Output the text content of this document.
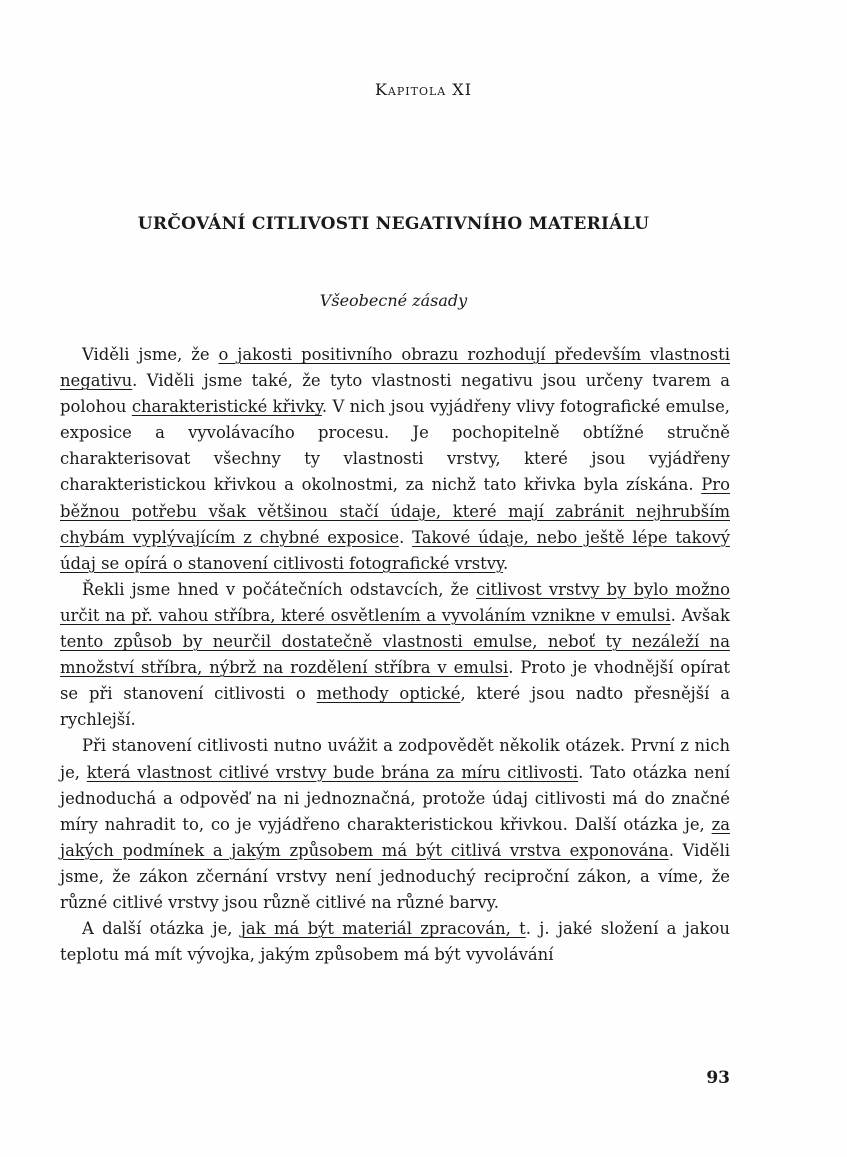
Kapitola XI
URČOVÁNÍ CITLIVOSTI NEGATIVNÍHO MATERIÁLU
Všeobecné zásady

Viděli jsme, že o jakosti positivního obrazu rozhodují především vlastnosti negativu. Viděli jsme také, že tyto vlastnosti negativu jsou určeny tvarem a polohou charakteristické křivky. V nich jsou vyjádřeny vlivy fotografické emulse, exposice a vyvolávacího procesu. Je pochopitelně obtížné stručně charakterisovat všechny ty vlastnosti vrstvy, které jsou vyjádřeny charakteristickou křivkou a okolnostmi, za nichž tato křivka byla získána. Pro běžnou potřebu však většinou stačí údaje, které mají zabránit nejhrubším chybám vyplývajícím z chybné exposice. Takové údaje, nebo ještě lépe takový údaj se opírá o stanovení citlivosti fotografické vrstvy.

Řekli jsme hned v počátečních odstavcích, že citlivost vrstvy by bylo možno určit na př. vahou stříbra, které osvětlením a vyvoláním vznikne v emulsi. Avšak tento způsob by neurčil dostatečně vlastnosti emulse, neboť ty nezáleží na množství stříbra, nýbrž na rozdělení stříbra v emulsi. Proto je vhodnější opírat se při stanovení citlivosti o methody optické, které jsou nadto přesnější a rychlejší.

Při stanovení citlivosti nutno uvážit a zodpovědět několik otázek. První z nich je, která vlastnost citlivé vrstvy bude brána za míru citlivosti. Tato otázka není jednoduchá a odpověď na ni jednoznačná, protože údaj citlivosti má do značné míry nahradit to, co je vyjádřeno charakteristickou křivkou. Další otázka je, za jakých podmínek a jakým způsobem má být citlivá vrstva exponována. Viděli jsme, že zákon zčernání vrstvy není jednoduchý reciproční zákon, a víme, že různé citlivé vrstvy jsou různě citlivé na různé barvy.

A další otázka je, jak má být materiál zpracován, t. j. jaké složení a jakou teplotu má mít vývojka, jakým způsobem má být vyvolávání

93
